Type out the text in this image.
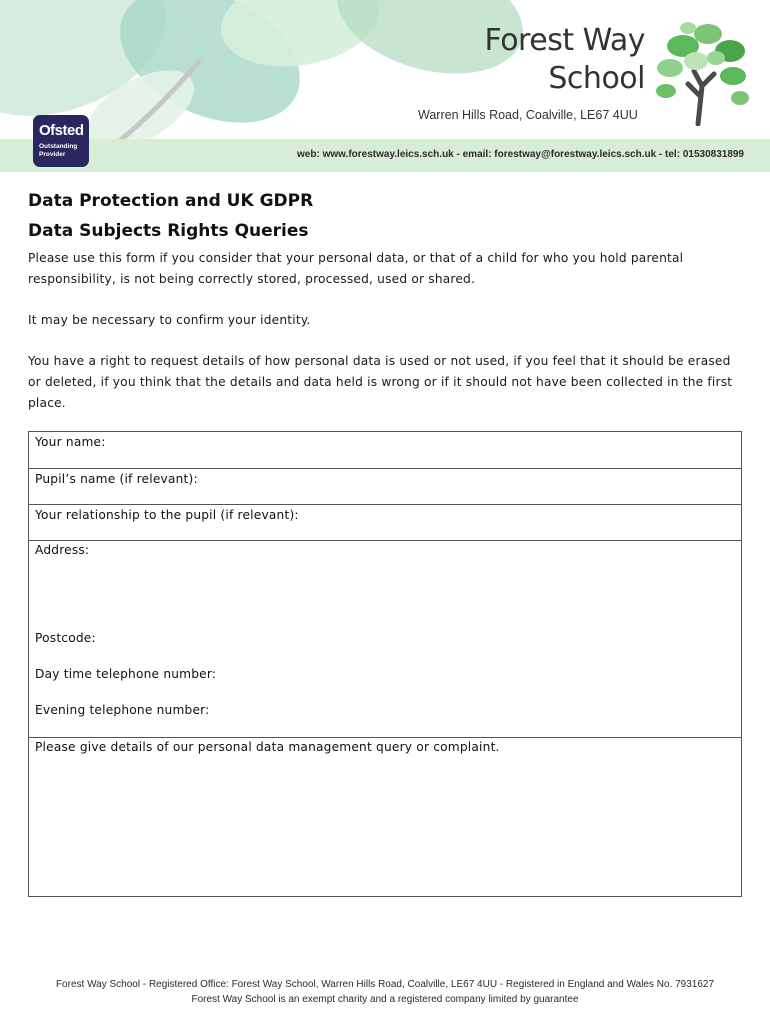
Forest Way
School
Warren Hills Road, Coalville, LE67 4UU
web: www.forestway.leics.sch.uk - email: forestway@forestway.leics.sch.uk - tel: 01530831899
Ofsted
Outstanding
Provider
Data Protection and UK GDPR
Data Subjects Rights Queries

Please use this form if you consider that your personal data, or that of a child for who you hold parental responsibility, is not being correctly stored, processed, used or shared.

It may be necessary to confirm your identity.

You have a right to request details of how personal data is used or not used, if you feel that it should be erased or deleted, if you think that the details and data held is wrong or if it should not have been collected in the first place.

Your name:
Pupil’s name (if relevant):
Your relationship to the pupil (if relevant):
Address:
Postcode:
Day time telephone number:
Evening telephone number:
Please give details of our personal data management query or complaint.
Forest Way School - Registered Office: Forest Way School, Warren Hills Road, Coalville, LE67 4UU - Registered in England and Wales No. 7931627
Forest Way School is an exempt charity and a registered company limited by guarantee
